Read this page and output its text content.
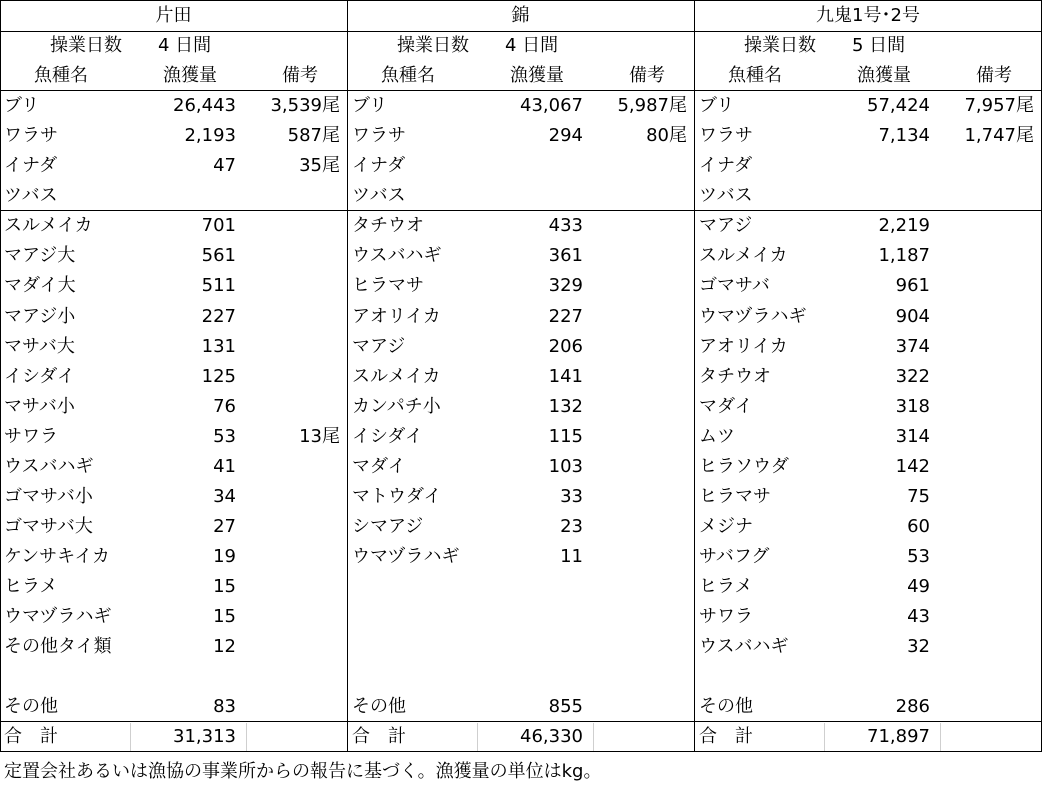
片田
操業日数	4 日間
魚種名	漁獲量	備考
ブリ	26,443	3,539尾
ワラサ	2,193	587尾
イナダ	47	35尾
ツバス
スルメイカ	701
マアジ大	561
マダイ大	511
マアジ小	227
マサバ大	131
イシダイ	125
マサバ小	76
サワラ	53	13尾
ウスバハギ	41
ゴマサバ小	34
ゴマサバ大	27
ケンサキイカ	19
ヒラメ	15
ウマヅラハギ	15
その他タイ類	12
その他	83
合　計	31,313
錦
操業日数	4 日間
魚種名	漁獲量	備考
ブリ	43,067	5,987尾
ワラサ	294	80尾
イナダ
ツバス
タチウオ	433
ウスバハギ	361
ヒラマサ	329
アオリイカ	227
マアジ	206
スルメイカ	141
カンパチ小	132
イシダイ	115
マダイ	103
マトウダイ	33
シマアジ	23
ウマヅラハギ	11
その他	855
合　計	46,330
九鬼1号･2号
操業日数	5 日間
魚種名	漁獲量	備考
ブリ	57,424	7,957尾
ワラサ	7,134	1,747尾
イナダ
ツバス
マアジ	2,219
スルメイカ	1,187
ゴマサバ	961
ウマヅラハギ	904
アオリイカ	374
タチウオ	322
マダイ	318
ムツ	314
ヒラソウダ	142
ヒラマサ	75
メジナ	60
サバフグ	53
ヒラメ	49
サワラ	43
ウスバハギ	32
その他	286
合　計	71,897
定置会社あるいは漁協の事業所からの報告に基づく。漁獲量の単位はkg。
